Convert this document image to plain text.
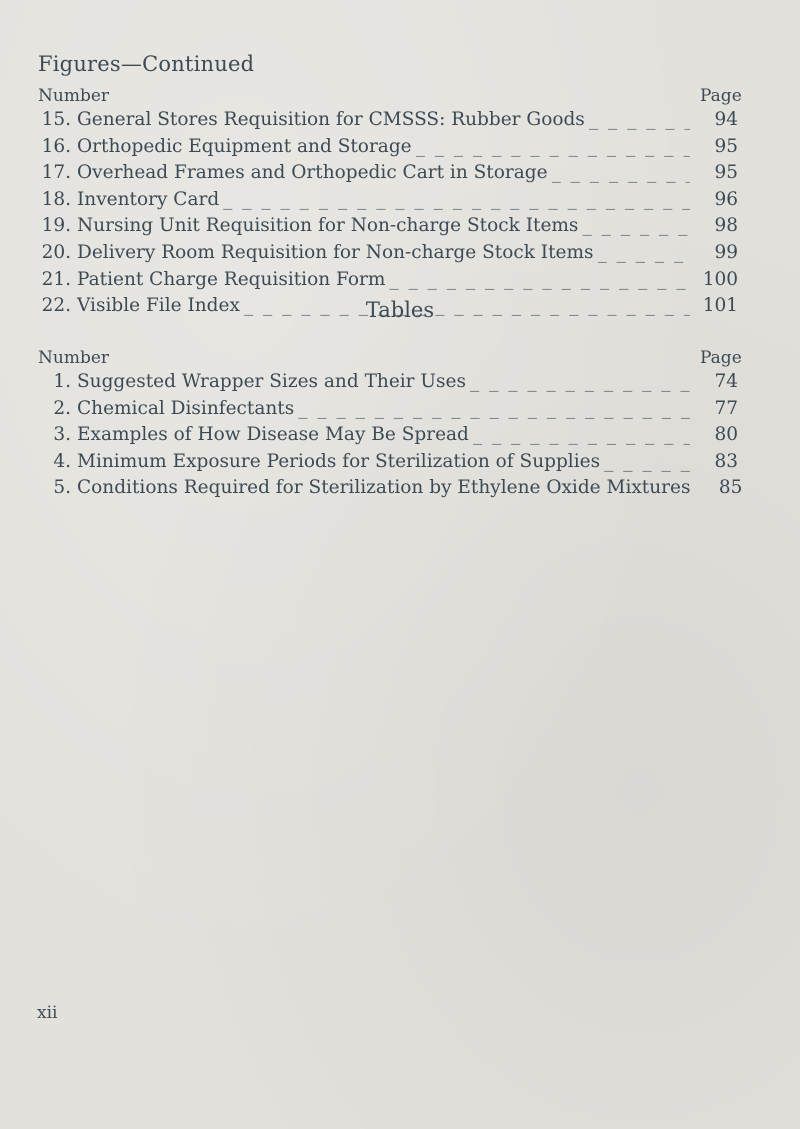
Figures—Continued
Number	Page
15. General Stores Requisition for CMSSS: Rubber Goods _ _ _	94
16. Orthopedic Equipment and Storage _ _ _	95
17. Overhead Frames and Orthopedic Cart in Storage _ _ _	95
18. Inventory Card _ _ _	96
19. Nursing Unit Requisition for Non-charge Stock Items _ _ _	98
20. Delivery Room Requisition for Non-charge Stock Items _ _ _	99
21. Patient Charge Requisition Form _ _ _	100
22. Visible File Index _ _ _	101
Tables
Number	Page
1. Suggested Wrapper Sizes and Their Uses _ _ _	74
2. Chemical Disinfectants _ _ _	77
3. Examples of How Disease May Be Spread _ _ _	80
4. Minimum Exposure Periods for Sterilization of Supplies _ _ _	83
5. Conditions Required for Sterilization by Ethylene Oxide Mixtures	85
xii
